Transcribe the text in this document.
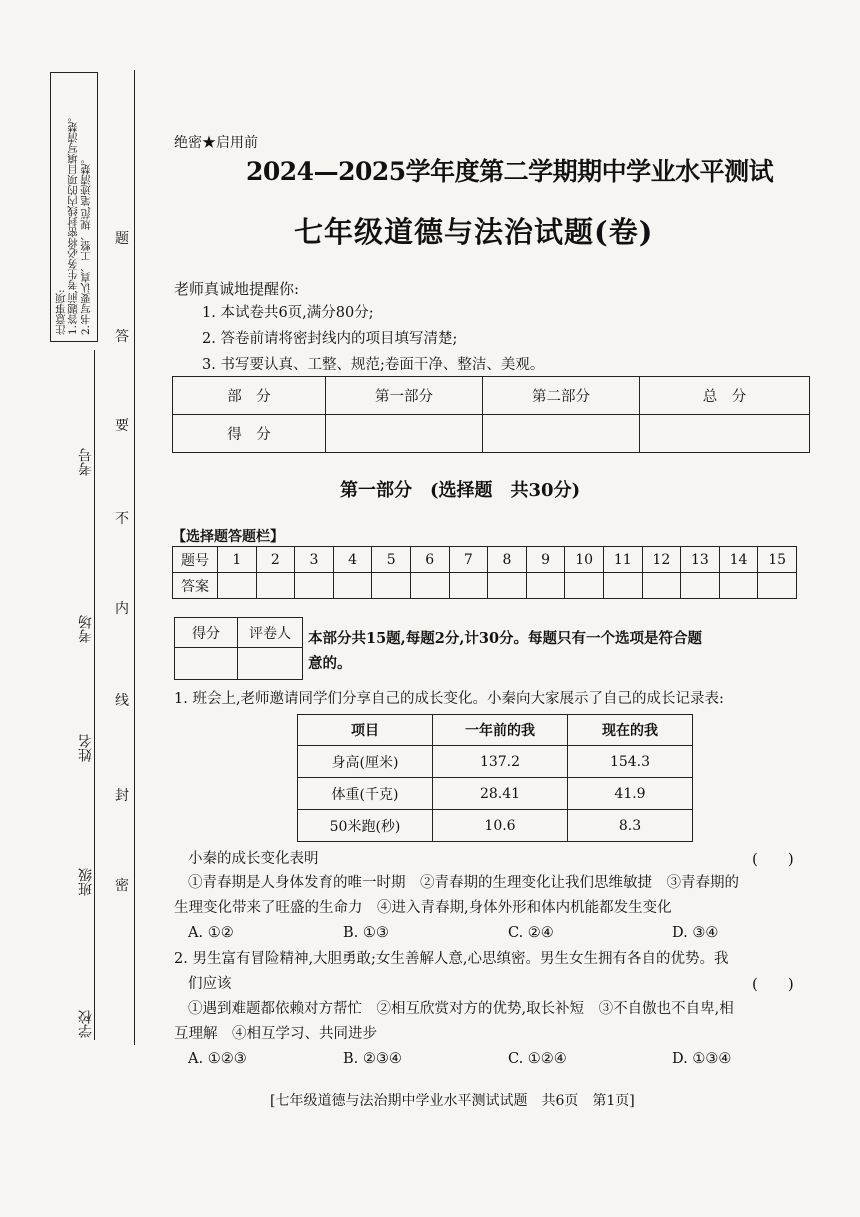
注意事项: 1.答题前,考生务必将密封线内的项目填写清楚。 2.书写要认真、工整、规范,笔迹清楚。
考号
考场
姓名
班级
学校
题
答
要
不
内
线
封
密
绝密★启用前
2024—2025学年度第二学期期中学业水平测试
七年级道德与法治试题(卷)
老师真诚地提醒你:
1. 本试卷共6页,满分80分;
2. 答卷前请将密封线内的项目填写清楚;
3. 书写要认真、工整、规范;卷面干净、整洁、美观。
部　分	第一部分	第二部分	总　分
得　分			
第一部分　(选择题　共30分)
【选择题答题栏】
题号	1	2	3	4	5	6	7	8	9	10	11	12	13	14	15
答案															
得分	评卷人
	本部分共15题,每题2分,计30分。每题只有一个选项是符合题
意的。
1. 班会上,老师邀请同学们分享自己的成长变化。小秦向大家展示了自己的成长记录表:
项目	一年前的我	现在的我
身高(厘米)	137.2	154.3
体重(千克)	28.41	41.9
50米跑(秒)	10.6	8.3
小秦的成长变化表明	(　　)
①青春期是人身体发育的唯一时期　②青春期的生理变化让我们思维敏捷　③青春期的
生理变化带来了旺盛的生命力　④进入青春期,身体外形和体内机能都发生变化
A. ①②	B. ①③	C. ②④	D. ③④
2. 男生富有冒险精神,大胆勇敢;女生善解人意,心思缜密。男生女生拥有各自的优势。我
们应该	(　　)
①遇到难题都依赖对方帮忙　②相互欣赏对方的优势,取长补短　③不自傲也不自卑,相
互理解　④相互学习、共同进步
A. ①②③	B. ②③④	C. ①②④	D. ①③④
[七年级道德与法治期中学业水平测试试题　共6页　第1页]
